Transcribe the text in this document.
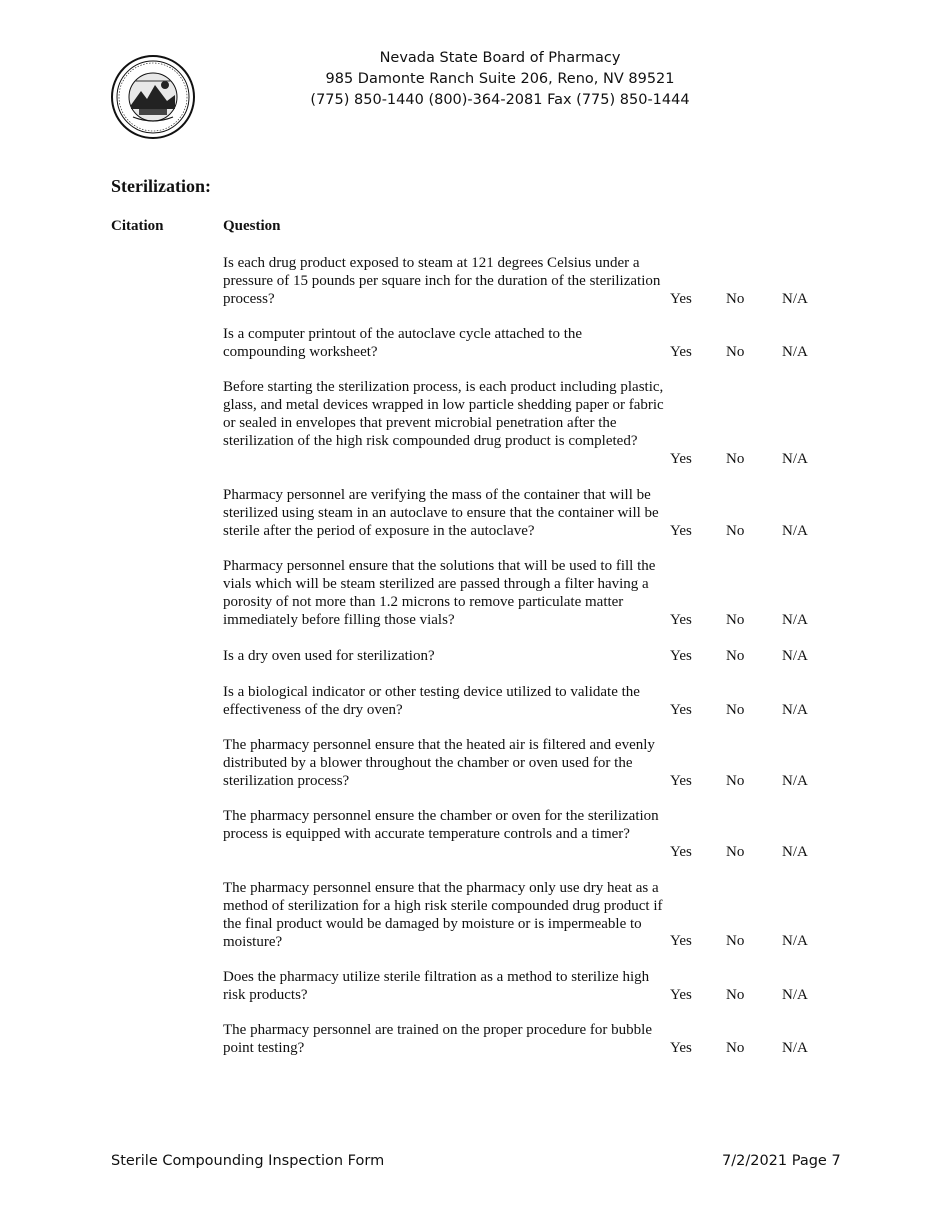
Nevada State Board of Pharmacy
985 Damonte Ranch Suite 206, Reno, NV 89521
(775) 850-1440 (800)-364-2081 Fax (775) 850-1444
Sterilization:
Citation	Question
Is each drug product exposed to steam at 121 degrees Celsius under a pressure of 15 pounds per square inch for the duration of the sterilization process?	Yes No	N/A
Is a computer printout of the autoclave cycle attached to the compounding worksheet?	Yes No	N/A
Before starting the sterilization process, is each product including plastic, glass, and metal devices wrapped in low particle shedding paper or fabric or sealed in envelopes that prevent microbial penetration after the sterilization of the high risk compounded drug product is completed?
Yes No	N/A
Pharmacy personnel are verifying the mass of the container that will be sterilized using steam in an autoclave to ensure that the container will be sterile after the period of exposure in the autoclave?	Yes No	N/A
Pharmacy personnel ensure that the solutions that will be used to fill the vials which will be steam sterilized are passed through a filter having a porosity of not more than 1.2 microns to remove particulate matter immediately before filling those vials?	Yes No	N/A
Is a dry oven used for sterilization?	Yes No	N/A
Is a biological indicator or other testing device utilized to validate the effectiveness of the dry oven?	Yes No	N/A
The pharmacy personnel ensure that the heated air is filtered and evenly distributed by a blower throughout the chamber or oven used for the sterilization process?	Yes No	N/A
The pharmacy personnel ensure the chamber or oven for the sterilization process is equipped with accurate temperature controls and a timer?
Yes No	N/A
The pharmacy personnel ensure that the pharmacy only use dry heat as a method of sterilization for a high risk sterile compounded drug product if the final product would be damaged by moisture or is impermeable to moisture?	Yes No	N/A
Does the pharmacy utilize sterile filtration as a method to sterilize high risk products?	Yes No	N/A
The pharmacy personnel are trained on the proper procedure for bubble point testing?	Yes No	N/A
Sterile Compounding Inspection Form	7/2/2021 Page 7
